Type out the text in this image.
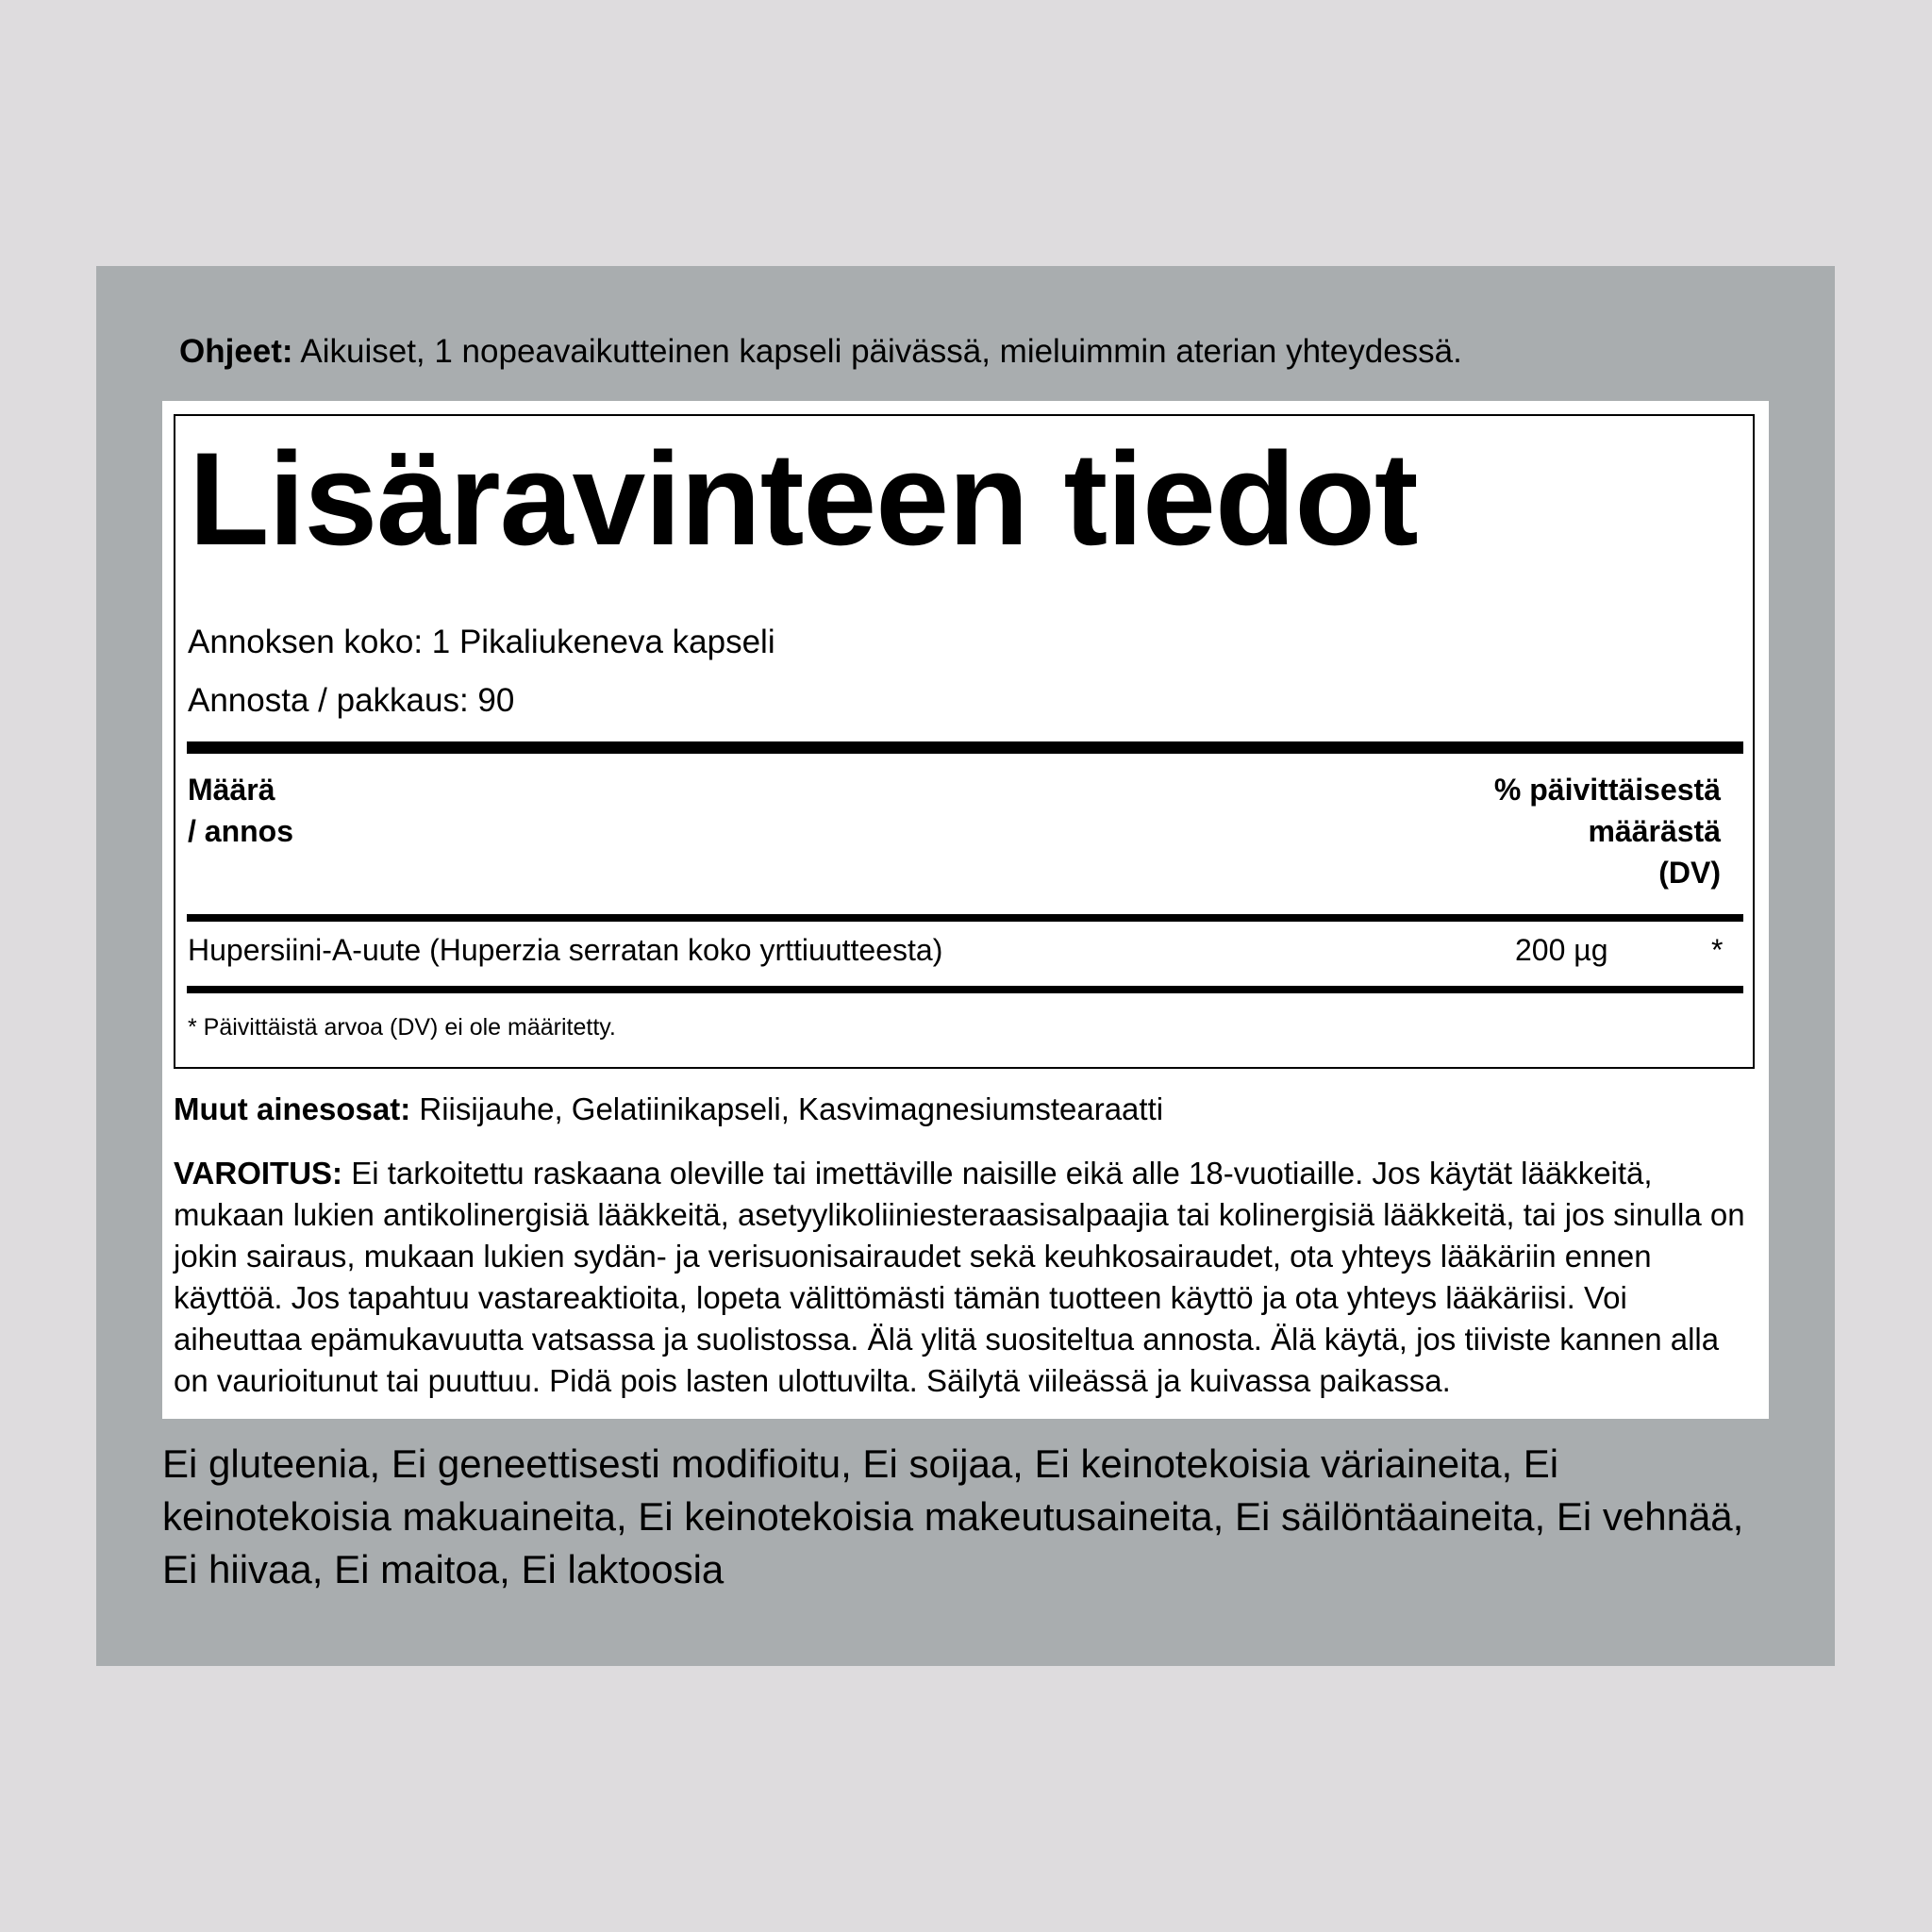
Ohjeet: Aikuiset, 1 nopeavaikutteinen kapseli päivässä, mieluimmin aterian yhteydessä.
Lisäravinteen tiedot
Annoksen koko: 1 Pikaliukeneva kapseli
Annosta / pakkaus: 90
Määrä
/ annos
% päivittäisestä
määrästä
(DV)
Hupersiini-A-uute (Huperzia serratan koko yrttiuutteesta)	200 µg	*
* Päivittäistä arvoa (DV) ei ole määritetty.
Muut ainesosat: Riisijauhe, Gelatiinikapseli, Kasvimagnesiumstearaatti
VAROITUS: Ei tarkoitettu raskaana oleville tai imettäville naisille eikä alle 18-vuotiaille. Jos käytät lääkkeitä, mukaan lukien antikolinergisiä lääkkeitä, asetyylikoliiniesteraasisalpaajia tai kolinergisiä lääkkeitä, tai jos sinulla on jokin sairaus, mukaan lukien sydän- ja verisuonisairaudet sekä keuhkosairaudet, ota yhteys lääkäriin ennen käyttöä. Jos tapahtuu vastareaktioita, lopeta välittömästi tämän tuotteen käyttö ja ota yhteys lääkäriisi. Voi aiheuttaa epämukavuutta vatsassa ja suolistossa. Älä ylitä suositeltua annosta. Älä käytä, jos tiiviste kannen alla on vaurioitunut tai puuttuu. Pidä pois lasten ulottuvilta. Säilytä viileässä ja kuivassa paikassa.
Ei gluteenia, Ei geneettisesti modifioitu, Ei soijaa, Ei keinotekoisia väriaineita, Ei keinotekoisia makuaineita, Ei keinotekoisia makeutusaineita, Ei säilöntäaineita, Ei vehnää, Ei hiivaa, Ei maitoa, Ei laktoosia
